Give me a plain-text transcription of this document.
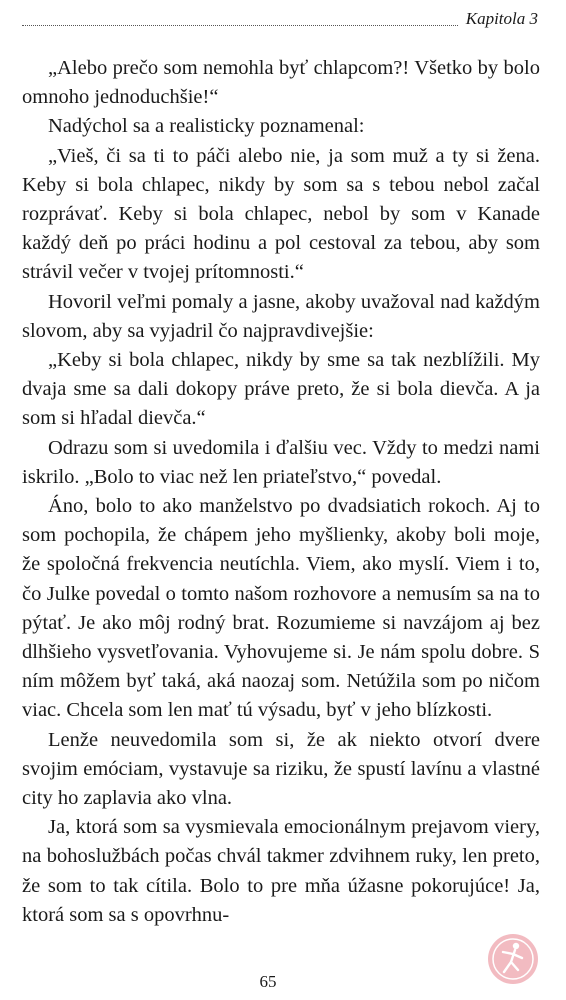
Kapitola 3

„Alebo prečo som nemohla byť chlapcom?! Všetko by bolo omnoho jednoduchšie!“

Nadýchol sa a realisticky poznamenal:

„Vieš, či sa ti to páči alebo nie, ja som muž a ty si žena. Keby si bola chlapec, nikdy by som sa s tebou nebol začal rozprávať. Keby si bola chlapec, nebol by som v Kanade každý deň po práci hodinu a pol cestoval za tebou, aby som strávil večer v tvojej prítomnosti.“

Hovoril veľmi pomaly a jasne, akoby uvažoval nad každým slovom, aby sa vyjadril čo najpravdivejšie:

„Keby si bola chlapec, nikdy by sme sa tak nezblížili. My dvaja sme sa dali dokopy práve preto, že si bola dievča. A ja som si hľadal dievča.“

Odrazu som si uvedomila i ďalšiu vec. Vždy to medzi nami iskrilo. „Bolo to viac než len priateľstvo,“ povedal.

Áno, bolo to ako manželstvo po dvadsiatich rokoch. Aj to som pochopila, že chápem jeho myšlienky, akoby boli moje, že spoločná frekvencia neutíchla. Viem, ako myslí. Viem i to, čo Julke povedal o tomto našom rozhovore a nemusím sa na to pýtať. Je ako môj rodný brat. Rozumieme si navzájom aj bez dlhšieho vysvetľovania. Vyhovujeme si. Je nám spolu dobre. S ním môžem byť taká, aká naozaj som. Netúžila som po ničom viac. Chcela som len mať tú výsadu, byť v jeho blízkosti.

Lenže neuvedomila som si, že ak niekto otvorí dvere svojim emóciam, vystavuje sa riziku, že spustí lavínu a vlastné city ho zaplavia ako vlna.

Ja, ktorá som sa vysmievala emocionálnym prejavom viery, na bohoslužbách počas chvál takmer zdvihnem ruky, len preto, že som to tak cítila. Bolo to pre mňa úžasne pokorujúce! Ja, ktorá som sa s opovrhnu-

65
